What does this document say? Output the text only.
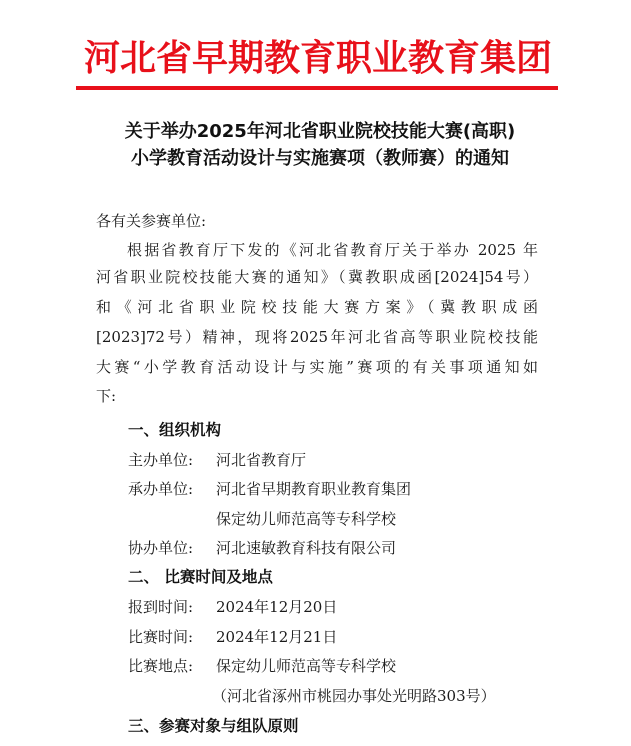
河北省早期教育职业教育集团
关于举办2025年河北省职业院校技能大赛(高职)
小学教育活动设计与实施赛项（教师赛）的通知
各有关参赛单位:
根据省教育厅下发的《河北省教育厅关于举办 2025 年
河省职业院校技能大赛的通知》（冀教职成函[2024]54号）
和《河北省职业院校技能大赛方案》（冀教职成函
[2023]72号）精神，现将2025年河北省高等职业院校技能
大赛“小学教育活动设计与实施”赛项的有关事项通知如
下:
一、组织机构
主办单位: 河北省教育厅
承办单位: 河北省早期教育职业教育集团
保定幼儿师范高等专科学校
协办单位: 河北速敏教育科技有限公司
二、 比赛时间及地点
报到时间: 2024年12月20日
比赛时间: 2024年12月21日
比赛地点: 保定幼儿师范高等专科学校
（河北省涿州市桃园办事处光明路303号）
三、参赛对象与组队原则
